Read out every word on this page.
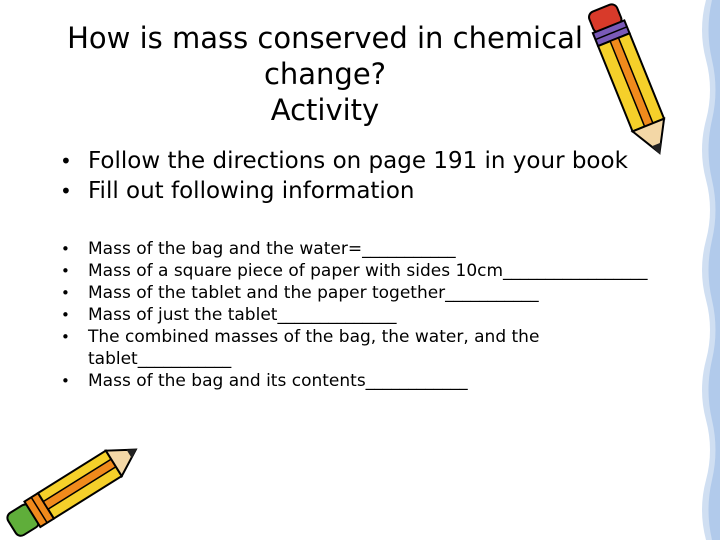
How is mass conserved in chemical
change?
Activity
• Follow the directions on page 191 in your book
• Fill out following information
• Mass of the bag and the water=___________
• Mass of a square piece of paper with sides 10cm_________________
• Mass of the tablet and the paper together___________
• Mass of just the tablet______________
• The combined masses of the bag, the water, and the tablet___________
• Mass of the bag and its contents____________
